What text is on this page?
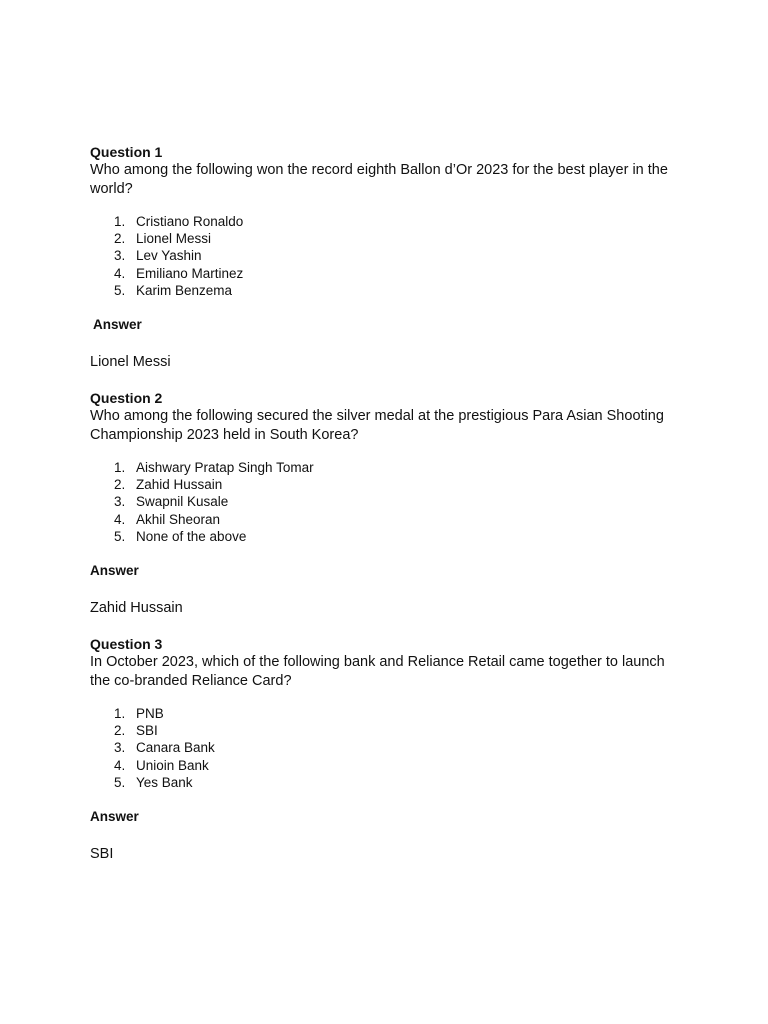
Question 1

Who among the following won the record eighth Ballon d’Or 2023 for the best player in the world?

1. Cristiano Ronaldo
2. Lionel Messi
3. Lev Yashin
4. Emiliano Martinez
5. Karim Benzema

Answer

Lionel Messi

Question 2

Who among the following secured the silver medal at the prestigious Para Asian Shooting Championship 2023 held in South Korea?

1. Aishwary Pratap Singh Tomar
2. Zahid Hussain
3. Swapnil Kusale
4. Akhil Sheoran
5. None of the above

Answer

Zahid Hussain

Question 3

In October 2023, which of the following bank and Reliance Retail came together to launch the co-branded Reliance Card?

1. PNB
2. SBI
3. Canara Bank
4. Unioin Bank
5. Yes Bank

Answer

SBI
